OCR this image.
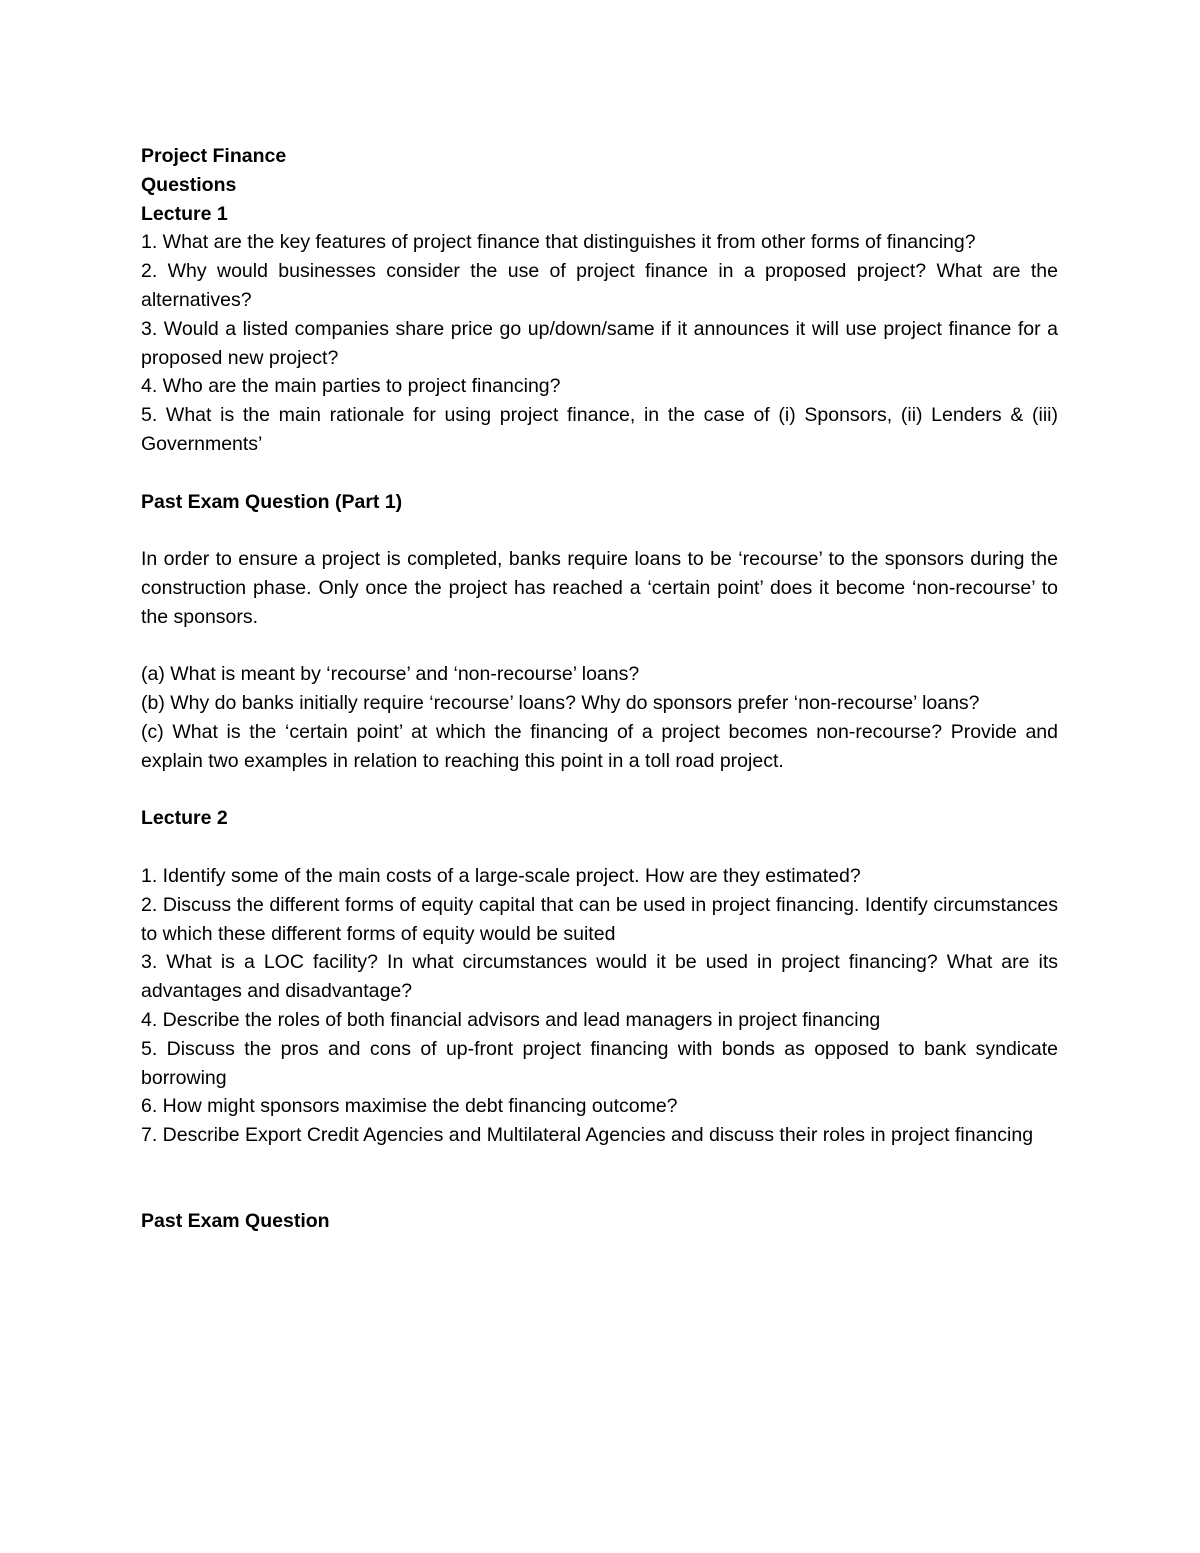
Project Finance

Questions

Lecture 1

1. What are the key features of project finance that distinguishes it from other forms of financing?

2. Why would businesses consider the use of project finance in a proposed project? What are the alternatives?

3. Would a listed companies share price go up/down/same if it announces it will use project finance for a proposed new project?

4. Who are the main parties to project financing?

5. What is the main rationale for using project finance, in the case of (i) Sponsors, (ii) Lenders & (iii) Governments’

Past Exam Question (Part 1)

In order to ensure a project is completed, banks require loans to be ‘recourse’ to the sponsors during the construction phase. Only once the project has reached a ‘certain point’ does it become ‘non-recourse’ to the sponsors.

(a) What is meant by ‘recourse’ and ‘non-recourse’ loans?

(b) Why do banks initially require ‘recourse’ loans? Why do sponsors prefer ‘non-recourse’ loans?

(c) What is the ‘certain point’ at which the financing of a project becomes non-recourse? Provide and explain two examples in relation to reaching this point in a toll road project.

Lecture 2

1. Identify some of the main costs of a large-scale project. How are they estimated?

2. Discuss the different forms of equity capital that can be used in project financing. Identify circumstances to which these different forms of equity would be suited

3. What is a LOC facility? In what circumstances would it be used in project financing? What are its advantages and disadvantage?

4. Describe the roles of both financial advisors and lead managers in project financing

5. Discuss the pros and cons of up-front project financing with bonds as opposed to bank syndicate borrowing

6. How might sponsors maximise the debt financing outcome?

7. Describe Export Credit Agencies and Multilateral Agencies and discuss their roles in project financing

Past Exam Question
